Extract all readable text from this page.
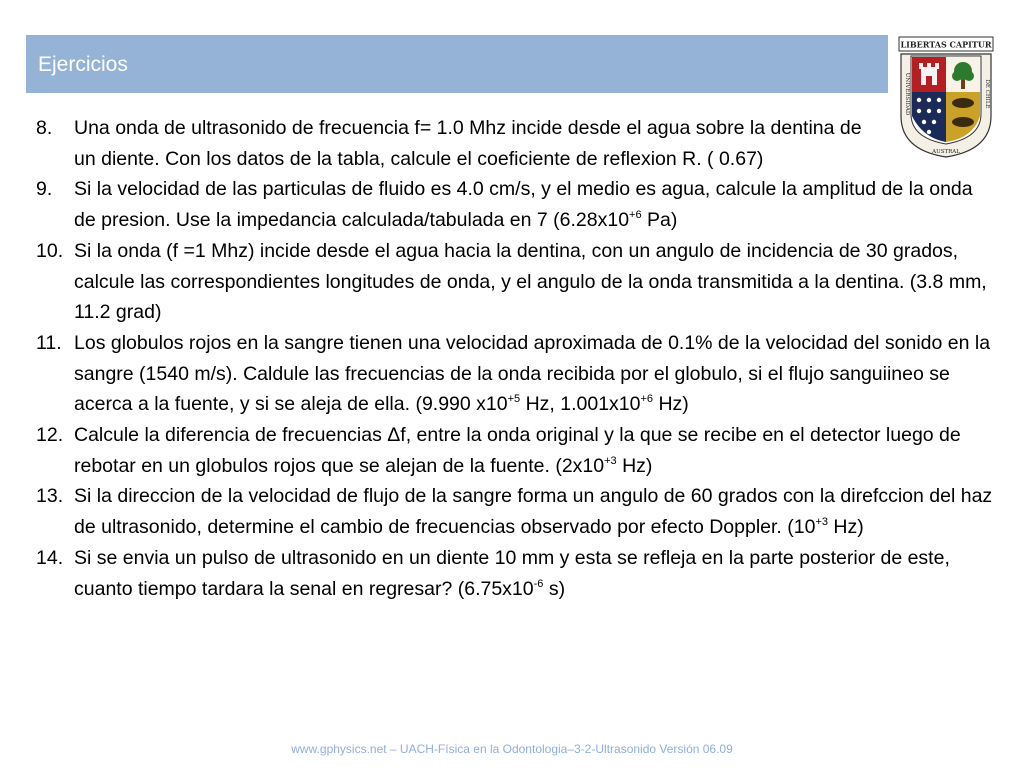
Ejercicios
LIBERTAS CAPITUR
UNIVERSIDAD	DE CHILE
AUSTRAL
8. Una onda de ultrasonido de frecuencia f= 1.0 Mhz incide desde el agua sobre la dentina de un diente. Con los datos de la tabla, calcule el coeficiente de reflexion R. ( 0.67)
9. Si la velocidad de las particulas de fluido es 4.0 cm/s, y el medio es agua, calcule la amplitud de la onda de presion. Use la impedancia calculada/tabulada en 7 ($6.28x10^{+6}$ Pa)
10. Si la onda (f =1 Mhz) incide desde el agua hacia la dentina, con un angulo de incidencia de 30 grados, calcule las correspondientes longitudes de onda, y el angulo de la onda transmitida a la dentina. (3.8 mm, 11.2 grad)
11. Los globulos rojos en la sangre tienen una velocidad aproximada de 0.1% de la velocidad del sonido en la sangre (1540 m/s). Caldule las frecuencias de la onda recibida por el globulo, si el flujo sanguiineo se acerca a la fuente, y si se aleja de ella. (9.990 $x10^{+5}$ Hz, $1.001x10^{+6}$ Hz)
12. Calcule la diferencia de frecuencias Δf, entre la onda original y la que se recibe en el detector luego de rebotar en un globulos rojos que se alejan de la fuente. ($2x10^{+3}$ Hz)
13. Si la direccion de la velocidad de flujo de la sangre forma un angulo de 60 grados con la direfccion del haz de ultrasonido, determine el cambio de frecuencias observado por efecto Doppler. ($10^{+3}$ Hz)
14. Si se envia un pulso de ultrasonido en un diente 10 mm y esta se refleja en la parte posterior de este, cuanto tiempo tardara la senal en regresar? ($6.75x10^{-6}$ s)
www.gphysics.net – UACH-Física en la Odontologia–3-2-Ultrasonido Versión 06.09
